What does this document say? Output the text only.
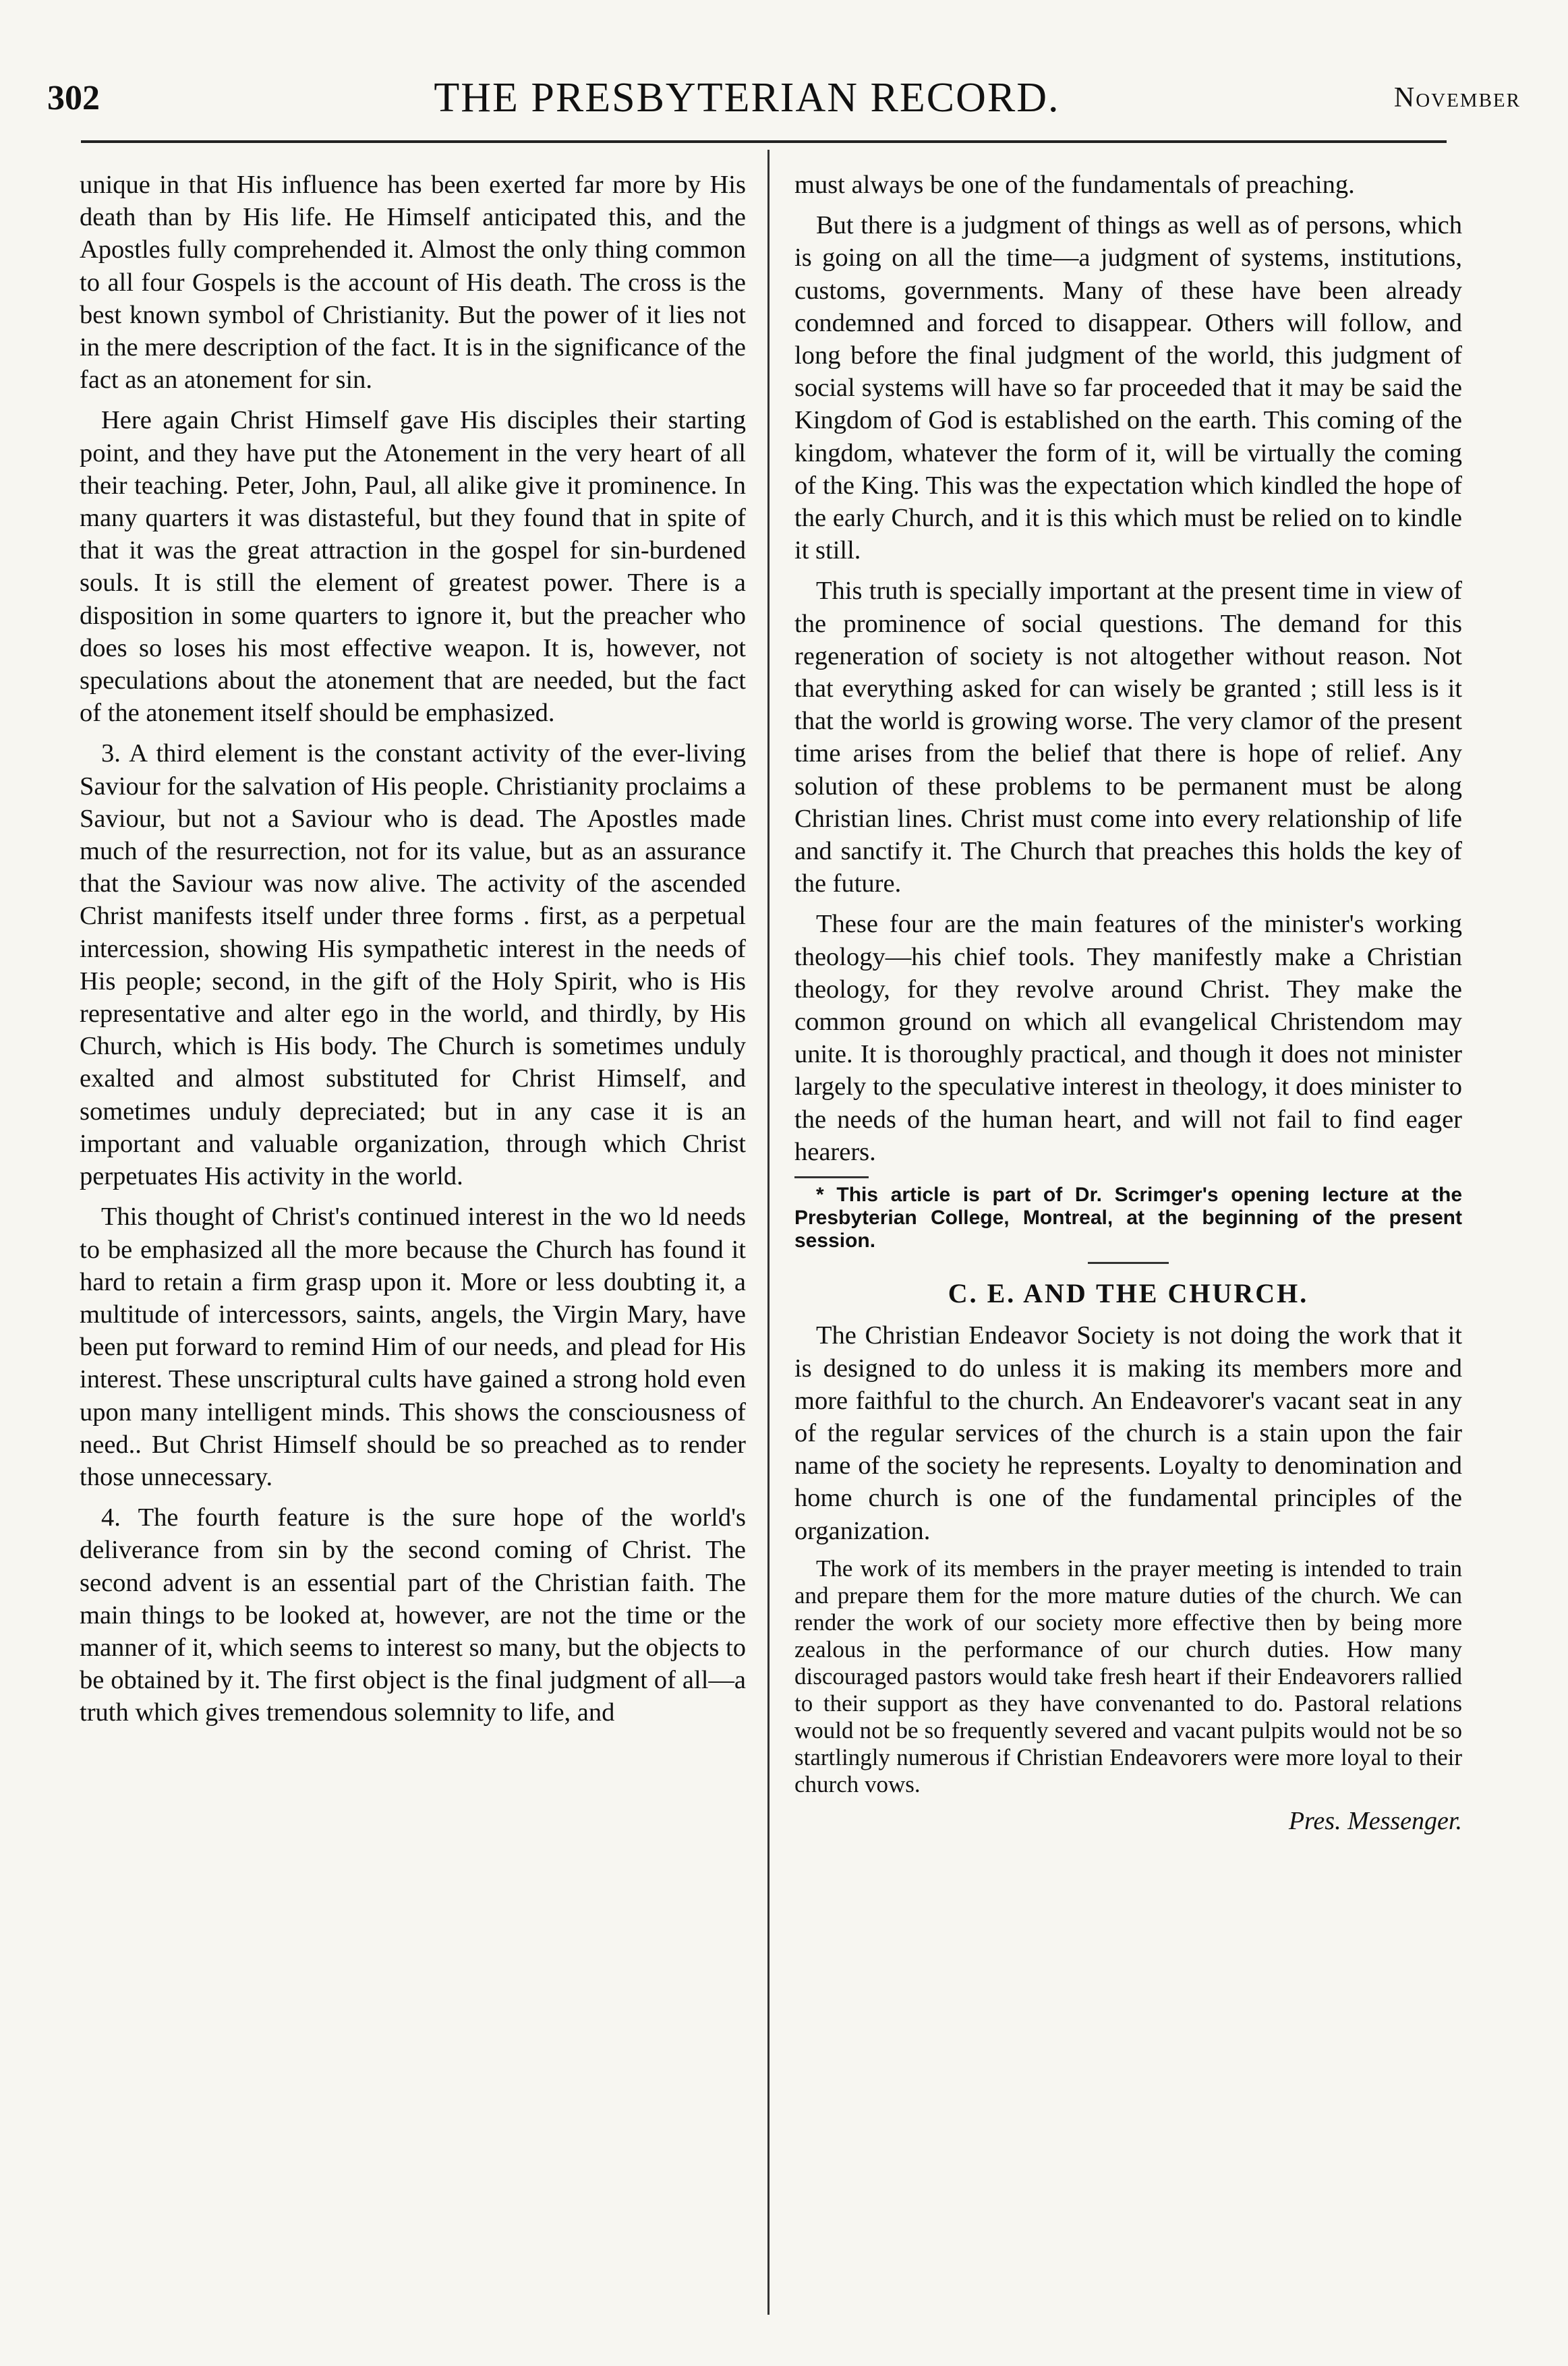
302	THE PRESBYTERIAN RECORD.	November

unique in that His influence has been exerted far more by His death than by His life. He Himself anticipated this, and the Apostles fully comprehended it. Almost the only thing common to all four Gospels is the account of His death. The cross is the best known symbol of Christianity. But the power of it lies not in the mere description of the fact. It is in the significance of the fact as an atonement for sin.

Here again Christ Himself gave His disciples their starting point, and they have put the Atonement in the very heart of all their teaching. Peter, John, Paul, all alike give it prominence. In many quarters it was distasteful, but they found that in spite of that it was the great attraction in the gospel for sin-burdened souls. It is still the element of greatest power. There is a disposition in some quarters to ignore it, but the preacher who does so loses his most effective weapon. It is, however, not speculations about the atonement that are needed, but the fact of the atonement itself should be emphasized.

3. A third element is the constant activity of the ever-living Saviour for the salvation of His people. Christianity proclaims a Saviour, but not a Saviour who is dead. The Apostles made much of the resurrection, not for its value, but as an assurance that the Saviour was now alive. The activity of the ascended Christ manifests itself under three forms . first, as a perpetual intercession, showing His sympathetic interest in the needs of His people; second, in the gift of the Holy Spirit, who is His representative and alter ego in the world, and thirdly, by His Church, which is His body. The Church is sometimes unduly exalted and almost substituted for Christ Himself, and sometimes unduly depreciated; but in any case it is an important and valuable organization, through which Christ perpetuates His activity in the world.

This thought of Christ's continued interest in the wo ld needs to be emphasized all the more because the Church has found it hard to retain a firm grasp upon it. More or less doubting it, a multitude of intercessors, saints, angels, the Virgin Mary, have been put forward to remind Him of our needs, and plead for His interest. These unscriptural cults have gained a strong hold even upon many intelligent minds. This shows the consciousness of need.. But Christ Himself should be so preached as to render those unnecessary.

4. The fourth feature is the sure hope of the world's deliverance from sin by the second coming of Christ. The second advent is an essential part of the Christian faith. The main things to be looked at, however, are not the time or the manner of it, which seems to interest so many, but the objects to be obtained by it. The first object is the final judgment of all—a truth which gives tremendous solemnity to life, and

must always be one of the fundamentals of preaching.

But there is a judgment of things as well as of persons, which is going on all the time—a judgment of systems, institutions, customs, governments. Many of these have been already condemned and forced to disappear. Others will follow, and long before the final judgment of the world, this judgment of social systems will have so far proceeded that it may be said the Kingdom of God is established on the earth. This coming of the kingdom, whatever the form of it, will be virtually the coming of the King. This was the expectation which kindled the hope of the early Church, and it is this which must be relied on to kindle it still.

This truth is specially important at the present time in view of the prominence of social questions. The demand for this regeneration of society is not altogether without reason. Not that everything asked for can wisely be granted ; still less is it that the world is growing worse. The very clamor of the present time arises from the belief that there is hope of relief. Any solution of these problems to be permanent must be along Christian lines. Christ must come into every relationship of life and sanctify it. The Church that preaches this holds the key of the future.

These four are the main features of the minister's working theology—his chief tools. They manifestly make a Christian theology, for they revolve around Christ. They make the common ground on which all evangelical Christendom may unite. It is thoroughly practical, and though it does not minister largely to the speculative interest in theology, it does minister to the needs of the human heart, and will not fail to find eager hearers.

* This article is part of Dr. Scrimger's opening lecture at the Presbyterian College, Montreal, at the beginning of the present session.

C. E. AND THE CHURCH.

The Christian Endeavor Society is not doing the work that it is designed to do unless it is making its members more and more faithful to the church. An Endeavorer's vacant seat in any of the regular services of the church is a stain upon the fair name of the society he represents. Loyalty to denomination and home church is one of the fundamental principles of the organization.

The work of its members in the prayer meeting is intended to train and prepare them for the more mature duties of the church. We can render the work of our society more effective then by being more zealous in the performance of our church duties. How many discouraged pastors would take fresh heart if their Endeavorers rallied to their support as they have convenanted to do. Pastoral relations would not be so frequently severed and vacant pulpits would not be so startlingly numerous if Christian Endeavorers were more loyal to their church vows.

Pres. Messenger.
